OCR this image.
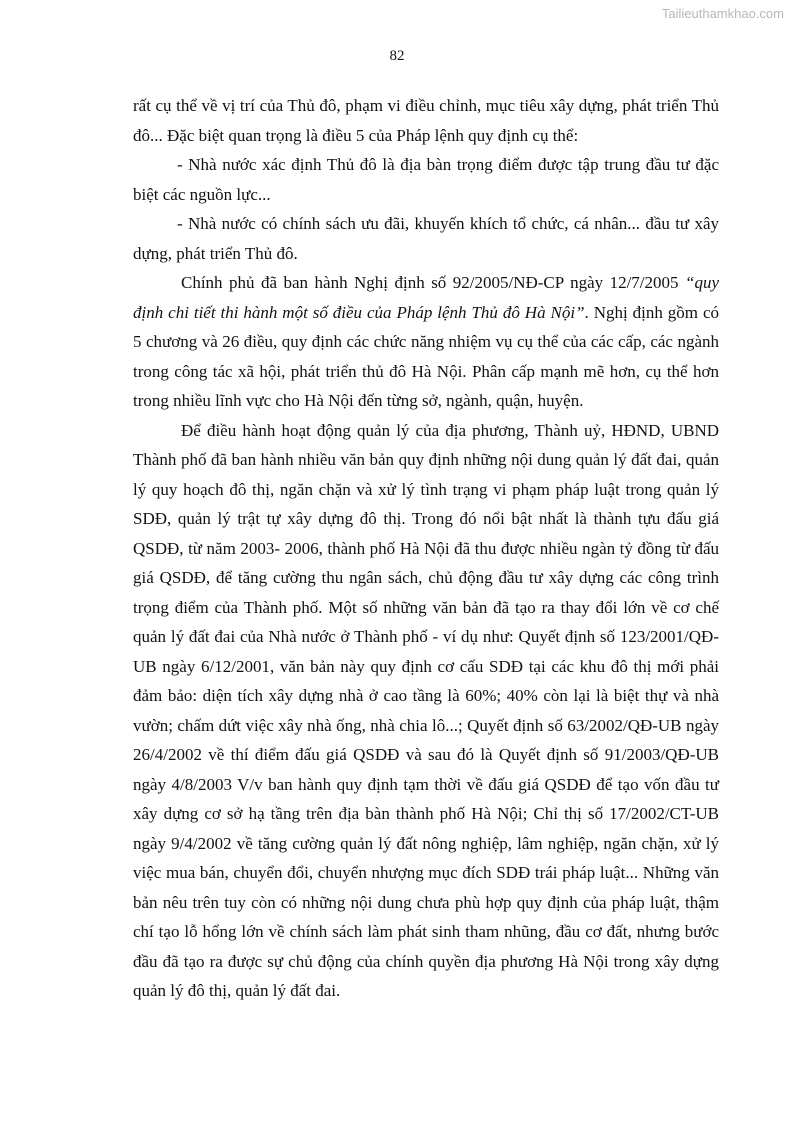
Tailieuthamkhao.com
82

rất cụ thể về vị trí của Thủ đô, phạm vi điều chỉnh, mục tiêu xây dựng, phát triển Thủ đô... Đặc biệt quan trọng là điều 5 của Pháp lệnh quy định cụ thể:

- Nhà nước xác định Thủ đô là địa bàn trọng điểm được tập trung đầu tư đặc biệt các nguồn lực...

- Nhà nước có chính sách ưu đãi, khuyến khích tổ chức, cá nhân... đầu tư xây dựng, phát triển Thủ đô.

Chính phủ đã ban hành Nghị định số 92/2005/NĐ-CP ngày 12/7/2005 “quy định chi tiết thi hành một số điều của Pháp lệnh Thủ đô Hà Nội”. Nghị định gồm có 5 chương và 26 điều, quy định các chức năng nhiệm vụ cụ thể của các cấp, các ngành trong công tác xã hội, phát triển thủ đô Hà Nội. Phân cấp mạnh mẽ hơn, cụ thể hơn trong nhiều lĩnh vực cho Hà Nội đến từng sở, ngành, quận, huyện.

Để điều hành hoạt động quản lý của địa phương, Thành uỷ, HĐND, UBND Thành phố đã ban hành nhiều văn bản quy định những nội dung quản lý đất đai, quản lý quy hoạch đô thị, ngăn chặn và xử lý tình trạng vi phạm pháp luật trong quản lý SDĐ, quản lý trật tự xây dựng đô thị. Trong đó nổi bật nhất là thành tựu đấu giá QSDĐ, từ năm 2003- 2006, thành phố Hà Nội đã thu được nhiều ngàn tỷ đồng từ đấu giá QSDĐ, để tăng cường thu ngân sách, chủ động đầu tư xây dựng các công trình trọng điểm của Thành phố. Một số những văn bản đã tạo ra thay đổi lớn về cơ chế quản lý đất đai của Nhà nước ở Thành phố - ví dụ như: Quyết định số 123/2001/QĐ-UB ngày 6/12/2001, văn bản này quy định cơ cấu SDĐ tại các khu đô thị mới phải đảm bảo: diện tích xây dựng nhà ở cao tầng là 60%; 40% còn lại là biệt thự và nhà vườn; chấm dứt việc xây nhà ống, nhà chia lô...; Quyết định số 63/2002/QĐ-UB ngày 26/4/2002 về thí điểm đấu giá QSDĐ và sau đó là Quyết định số 91/2003/QĐ-UB ngày 4/8/2003 V/v ban hành quy định tạm thời về đấu giá QSDĐ để tạo vốn đầu tư xây dựng cơ sở hạ tầng trên địa bàn thành phố Hà Nội; Chỉ thị số 17/2002/CT-UB ngày 9/4/2002 về tăng cường quản lý đất nông nghiệp, lâm nghiệp, ngăn chặn, xử lý việc mua bán, chuyển đổi, chuyển nhượng mục đích SDĐ trái pháp luật... Những văn bản nêu trên tuy còn có những nội dung chưa phù hợp quy định của pháp luật, thậm chí tạo lỗ hổng lớn về chính sách làm phát sinh tham nhũng, đầu cơ đất, nhưng bước đầu đã tạo ra được sự chủ động của chính quyền địa phương Hà Nội trong xây dựng quản lý đô thị, quản lý đất đai.
